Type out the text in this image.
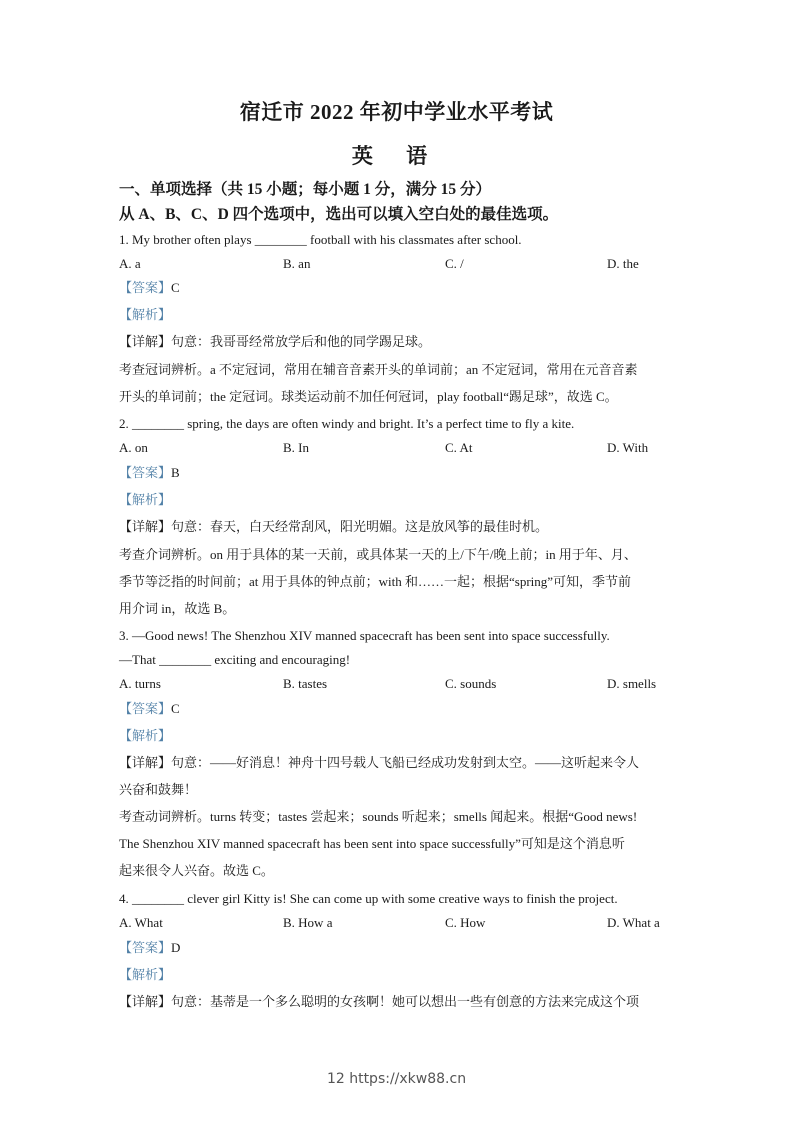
宿迁市 2022 年初中学业水平考试
英 语
一、单项选择（共 15 小题；每小题 1 分，满分 15 分）
从 A、B、C、D 四个选项中，选出可以填入空白处的最佳选项。
1. My brother often plays ________ football with his classmates after school.
A. a	B. an	C. /	D. the
【答案】C
【解析】
【详解】句意：我哥哥经常放学后和他的同学踢足球。
考查冠词辨析。a 不定冠词，常用在辅音音素开头的单词前；an 不定冠词，常用在元音音素
开头的单词前；the 定冠词。球类运动前不加任何冠词，play football“踢足球”，故选 C。
2. ________ spring, the days are often windy and bright. It’s a perfect time to fly a kite.
A. on	B. In	C. At	D. With
【答案】B
【解析】
【详解】句意：春天，白天经常刮风，阳光明媚。这是放风筝的最佳时机。
考查介词辨析。on 用于具体的某一天前，或具体某一天的上/下午/晚上前；in 用于年、月、
季节等泛指的时间前；at 用于具体的钟点前；with 和……一起；根据“spring”可知，季节前
用介词 in，故选 B。
3. —Good news! The Shenzhou XIV manned spacecraft has been sent into space successfully.
—That ________ exciting and encouraging!
A. turns	B. tastes	C. sounds	D. smells
【答案】C
【解析】
【详解】句意：——好消息！神舟十四号载人飞船已经成功发射到太空。——这听起来令人
兴奋和鼓舞！
考查动词辨析。turns 转变；tastes 尝起来；sounds 听起来；smells 闻起来。根据“Good news!
The Shenzhou XIV manned spacecraft has been sent into space successfully”可知是这个消息听
起来很令人兴奋。故选 C。
4. ________ clever girl Kitty is! She can come up with some creative ways to finish the project.
A. What	B. How a	C. How	D. What a
【答案】D
【解析】
【详解】句意：基蒂是一个多么聪明的女孩啊！她可以想出一些有创意的方法来完成这个项
12 https://xkw88.cn
